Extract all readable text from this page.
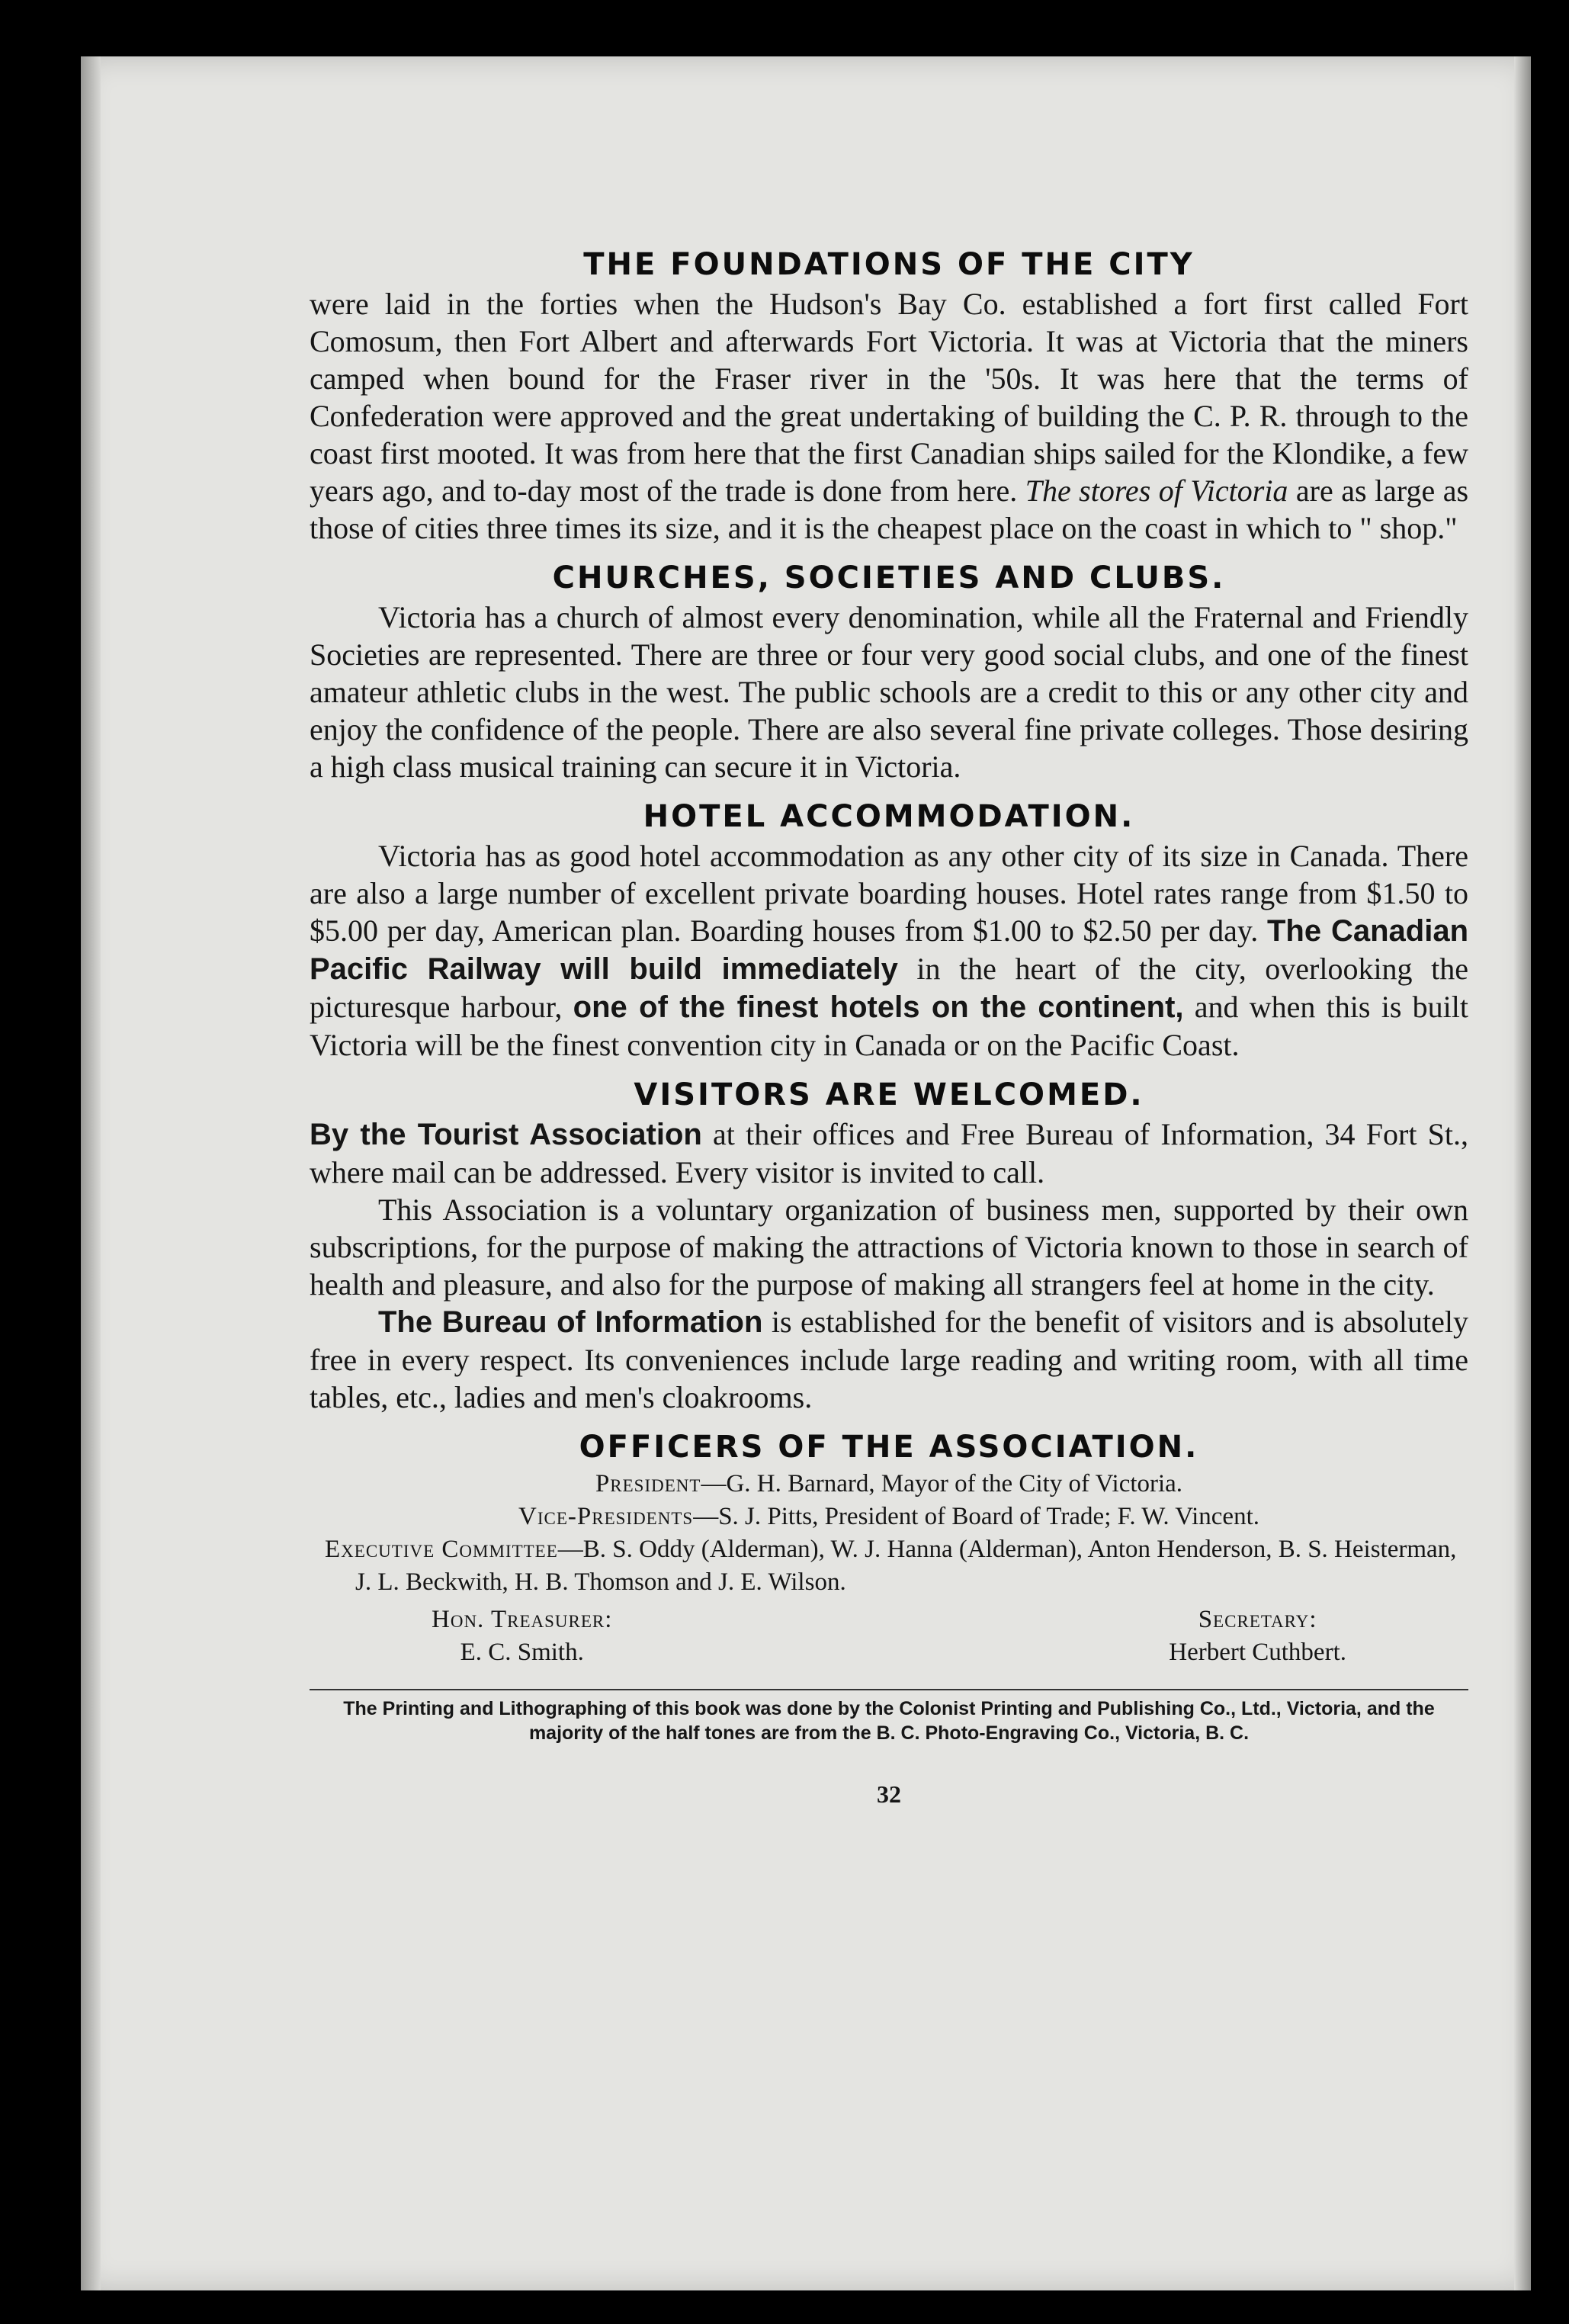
THE FOUNDATIONS OF THE CITY

were laid in the forties when the Hudson's Bay Co. established a fort first called Fort Comosum, then Fort Albert and afterwards Fort Victoria. It was at Victoria that the miners camped when bound for the Fraser river in the '50s. It was here that the terms of Confederation were approved and the great undertaking of building the C. P. R. through to the coast first mooted. It was from here that the first Canadian ships sailed for the Klondike, a few years ago, and to-day most of the trade is done from here. The stores of Victoria are as large as those of cities three times its size, and it is the cheapest place on the coast in which to " shop."

CHURCHES, SOCIETIES AND CLUBS.

Victoria has a church of almost every denomination, while all the Fraternal and Friendly Societies are represented. There are three or four very good social clubs, and one of the finest amateur athletic clubs in the west. The public schools are a credit to this or any other city and enjoy the confidence of the people. There are also several fine private colleges. Those desiring a high class musical training can secure it in Victoria.

HOTEL ACCOMMODATION.

Victoria has as good hotel accommodation as any other city of its size in Canada. There are also a large number of excellent private boarding houses. Hotel rates range from $1.50 to $5.00 per day, American plan. Boarding houses from $1.00 to $2.50 per day. The Canadian Pacific Railway will build immediately in the heart of the city, overlooking the picturesque harbour, one of the finest hotels on the continent, and when this is built Victoria will be the finest convention city in Canada or on the Pacific Coast.

VISITORS ARE WELCOMED.

By the Tourist Association at their offices and Free Bureau of Information, 34 Fort St., where mail can be addressed. Every visitor is invited to call.

This Association is a voluntary organization of business men, supported by their own subscriptions, for the purpose of making the attractions of Victoria known to those in search of health and pleasure, and also for the purpose of making all strangers feel at home in the city.

The Bureau of Information is established for the benefit of visitors and is absolutely free in every respect. Its conveniences include large reading and writing room, with all time tables, etc., ladies and men's cloakrooms.

OFFICERS OF THE ASSOCIATION.
President—G. H. Barnard, Mayor of the City of Victoria.
Vice-Presidents—S. J. Pitts, President of Board of Trade; F. W. Vincent.
Executive Committee—B. S. Oddy (Alderman), W. J. Hanna (Alderman), Anton Henderson, B. S. Heisterman, J. L. Beckwith, H. B. Thomson and J. E. Wilson.
Hon. Treasurer:
E. C. Smith.
Secretary:
Herbert Cuthbert.
The Printing and Lithographing of this book was done by the Colonist Printing and Publishing Co., Ltd., Victoria, and the majority of the half tones are from the B. C. Photo-Engraving Co., Victoria, B. C.
32
